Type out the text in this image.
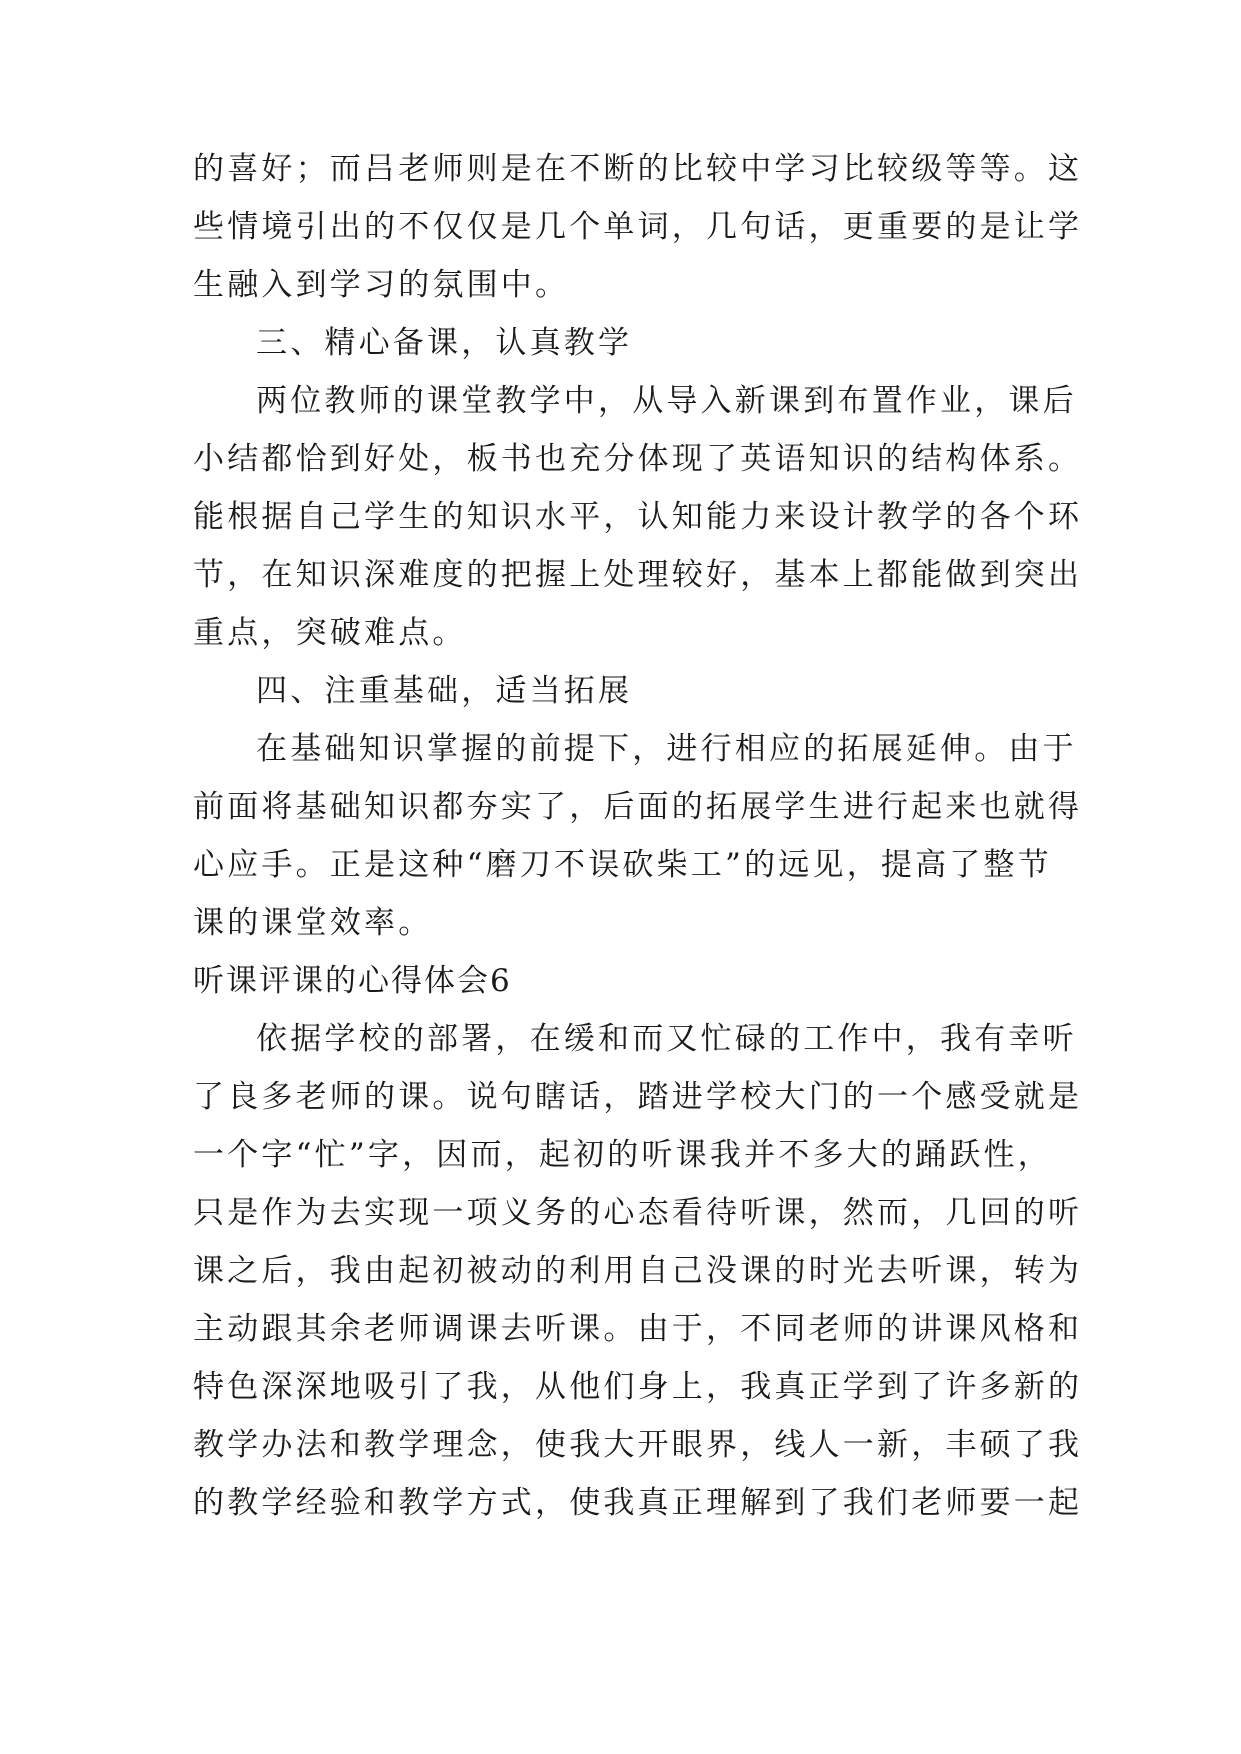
的喜好；而吕老师则是在不断的比较中学习比较级等等。这
些情境引出的不仅仅是几个单词，几句话，更重要的是让学
生融入到学习的氛围中。
三、精心备课，认真教学
两位教师的课堂教学中，从导入新课到布置作业，课后
小结都恰到好处，板书也充分体现了英语知识的结构体系。
能根据自己学生的知识水平，认知能力来设计教学的各个环
节，在知识深难度的把握上处理较好，基本上都能做到突出
重点，突破难点。
四、注重基础，适当拓展
在基础知识掌握的前提下，进行相应的拓展延伸。由于
前面将基础知识都夯实了，后面的拓展学生进行起来也就得
心应手。正是这种“磨刀不误砍柴工”的远见，提高了整节
课的课堂效率。
听课评课的心得体会6
依据学校的部署，在缓和而又忙碌的工作中，我有幸听
了良多老师的课。说句瞎话，踏进学校大门的一个感受就是
一个字“忙”字，因而，起初的听课我并不多大的踊跃性，
只是作为去实现一项义务的心态看待听课，然而，几回的听
课之后，我由起初被动的利用自己没课的时光去听课，转为
主动跟其余老师调课去听课。由于，不同老师的讲课风格和
特色深深地吸引了我，从他们身上，我真正学到了许多新的
教学办法和教学理念，使我大开眼界，线人一新，丰硕了我
的教学经验和教学方式，使我真正理解到了我们老师要一起
